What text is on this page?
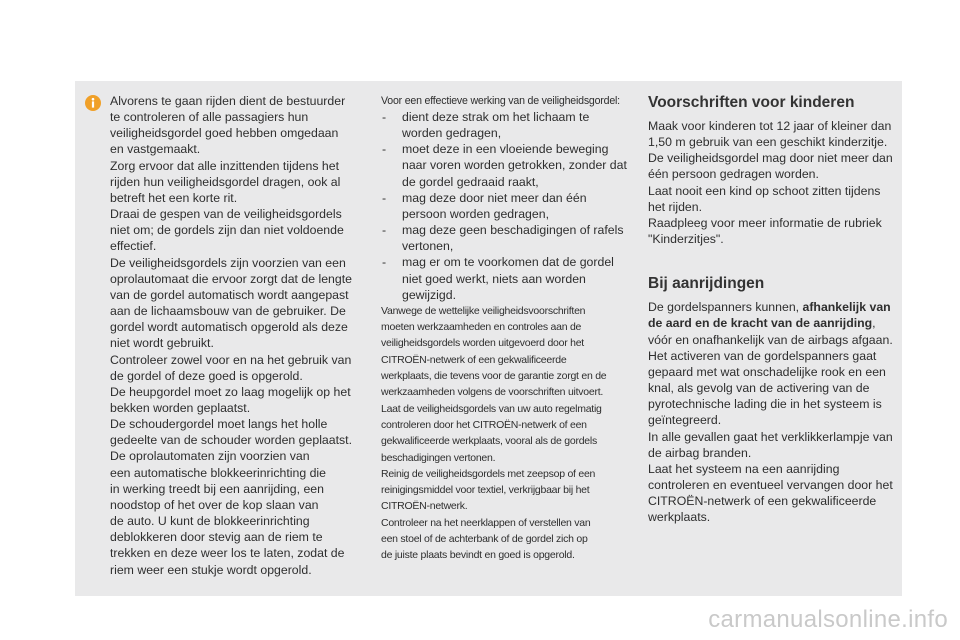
Alvorens te gaan rijden dient de bestuurder

te controleren of alle passagiers hun

veiligheidsgordel goed hebben omgedaan

en vastgemaakt.

Zorg ervoor dat alle inzittenden tijdens het

rijden hun veiligheidsgordel dragen, ook al

betreft het een korte rit.

Draai de gespen van de veiligheidsgordels

niet om; de gordels zijn dan niet voldoende

effectief.

De veiligheidsgordels zijn voorzien van een

oprolautomaat die ervoor zorgt dat de lengte

van de gordel automatisch wordt aangepast

aan de lichaamsbouw van de gebruiker. De

gordel wordt automatisch opgerold als deze

niet wordt gebruikt.

Controleer zowel voor en na het gebruik van

de gordel of deze goed is opgerold.

De heupgordel moet zo laag mogelijk op het

bekken worden geplaatst.

De schoudergordel moet langs het holle

gedeelte van de schouder worden geplaatst.

De oprolautomaten zijn voorzien van

een automatische blokkeerinrichting die

in werking treedt bij een aanrijding, een

noodstop of het over de kop slaan van

de auto. U kunt de blokkeerinrichting

deblokkeren door stevig aan de riem te

trekken en deze weer los te laten, zodat de

riem weer een stukje wordt opgerold.

Voor een effectieve werking van de veiligheidsgordel:

- dient deze strak om het lichaam te worden gedragen,
- moet deze in een vloeiende beweging naar voren worden getrokken, zonder dat de gordel gedraaid raakt,
- mag deze door niet meer dan één persoon worden gedragen,
- mag deze geen beschadigingen of rafels vertonen,
- mag er om te voorkomen dat de gordel niet goed werkt, niets aan worden gewijzigd.

Vanwege de wettelijke veiligheidsvoorschriften

moeten werkzaamheden en controles aan de

veiligheidsgordels worden uitgevoerd door het

CITROËN-netwerk of een gekwalificeerde

werkplaats, die tevens voor de garantie zorgt en de

werkzaamheden volgens de voorschriften uitvoert.

Laat de veiligheidsgordels van uw auto regelmatig

controleren door het CITROËN-netwerk of een

gekwalificeerde werkplaats, vooral als de gordels

beschadigingen vertonen.

Reinig de veiligheidsgordels met zeepsop of een

reinigingsmiddel voor textiel, verkrijgbaar bij het

CITROËN-netwerk.

Controleer na het neerklappen of verstellen van

een stoel of de achterbank of de gordel zich op

de juiste plaats bevindt en goed is opgerold.

Voorschriften voor kinderen

Maak voor kinderen tot 12 jaar of kleiner dan

1,50 m gebruik van een geschikt kinderzitje.

De veiligheidsgordel mag door niet meer dan

één persoon gedragen worden.

Laat nooit een kind op schoot zitten tijdens

het rijden.

Raadpleeg voor meer informatie de rubriek

"Kinderzitjes".

Bij aanrijdingen

De gordelspanners kunnen, afhankelijk van

de aard en de kracht van de aanrijding,

vóór en onafhankelijk van de airbags afgaan.

Het activeren van de gordelspanners gaat

gepaard met wat onschadelijke rook en een

knal, als gevolg van de activering van de

pyrotechnische lading die in het systeem is

geïntegreerd.

In alle gevallen gaat het verklikkerlampje van

de airbag branden.

Laat het systeem na een aanrijding

controleren en eventueel vervangen door het

CITROËN-netwerk of een gekwalificeerde

werkplaats.

carmanualsonline.info
